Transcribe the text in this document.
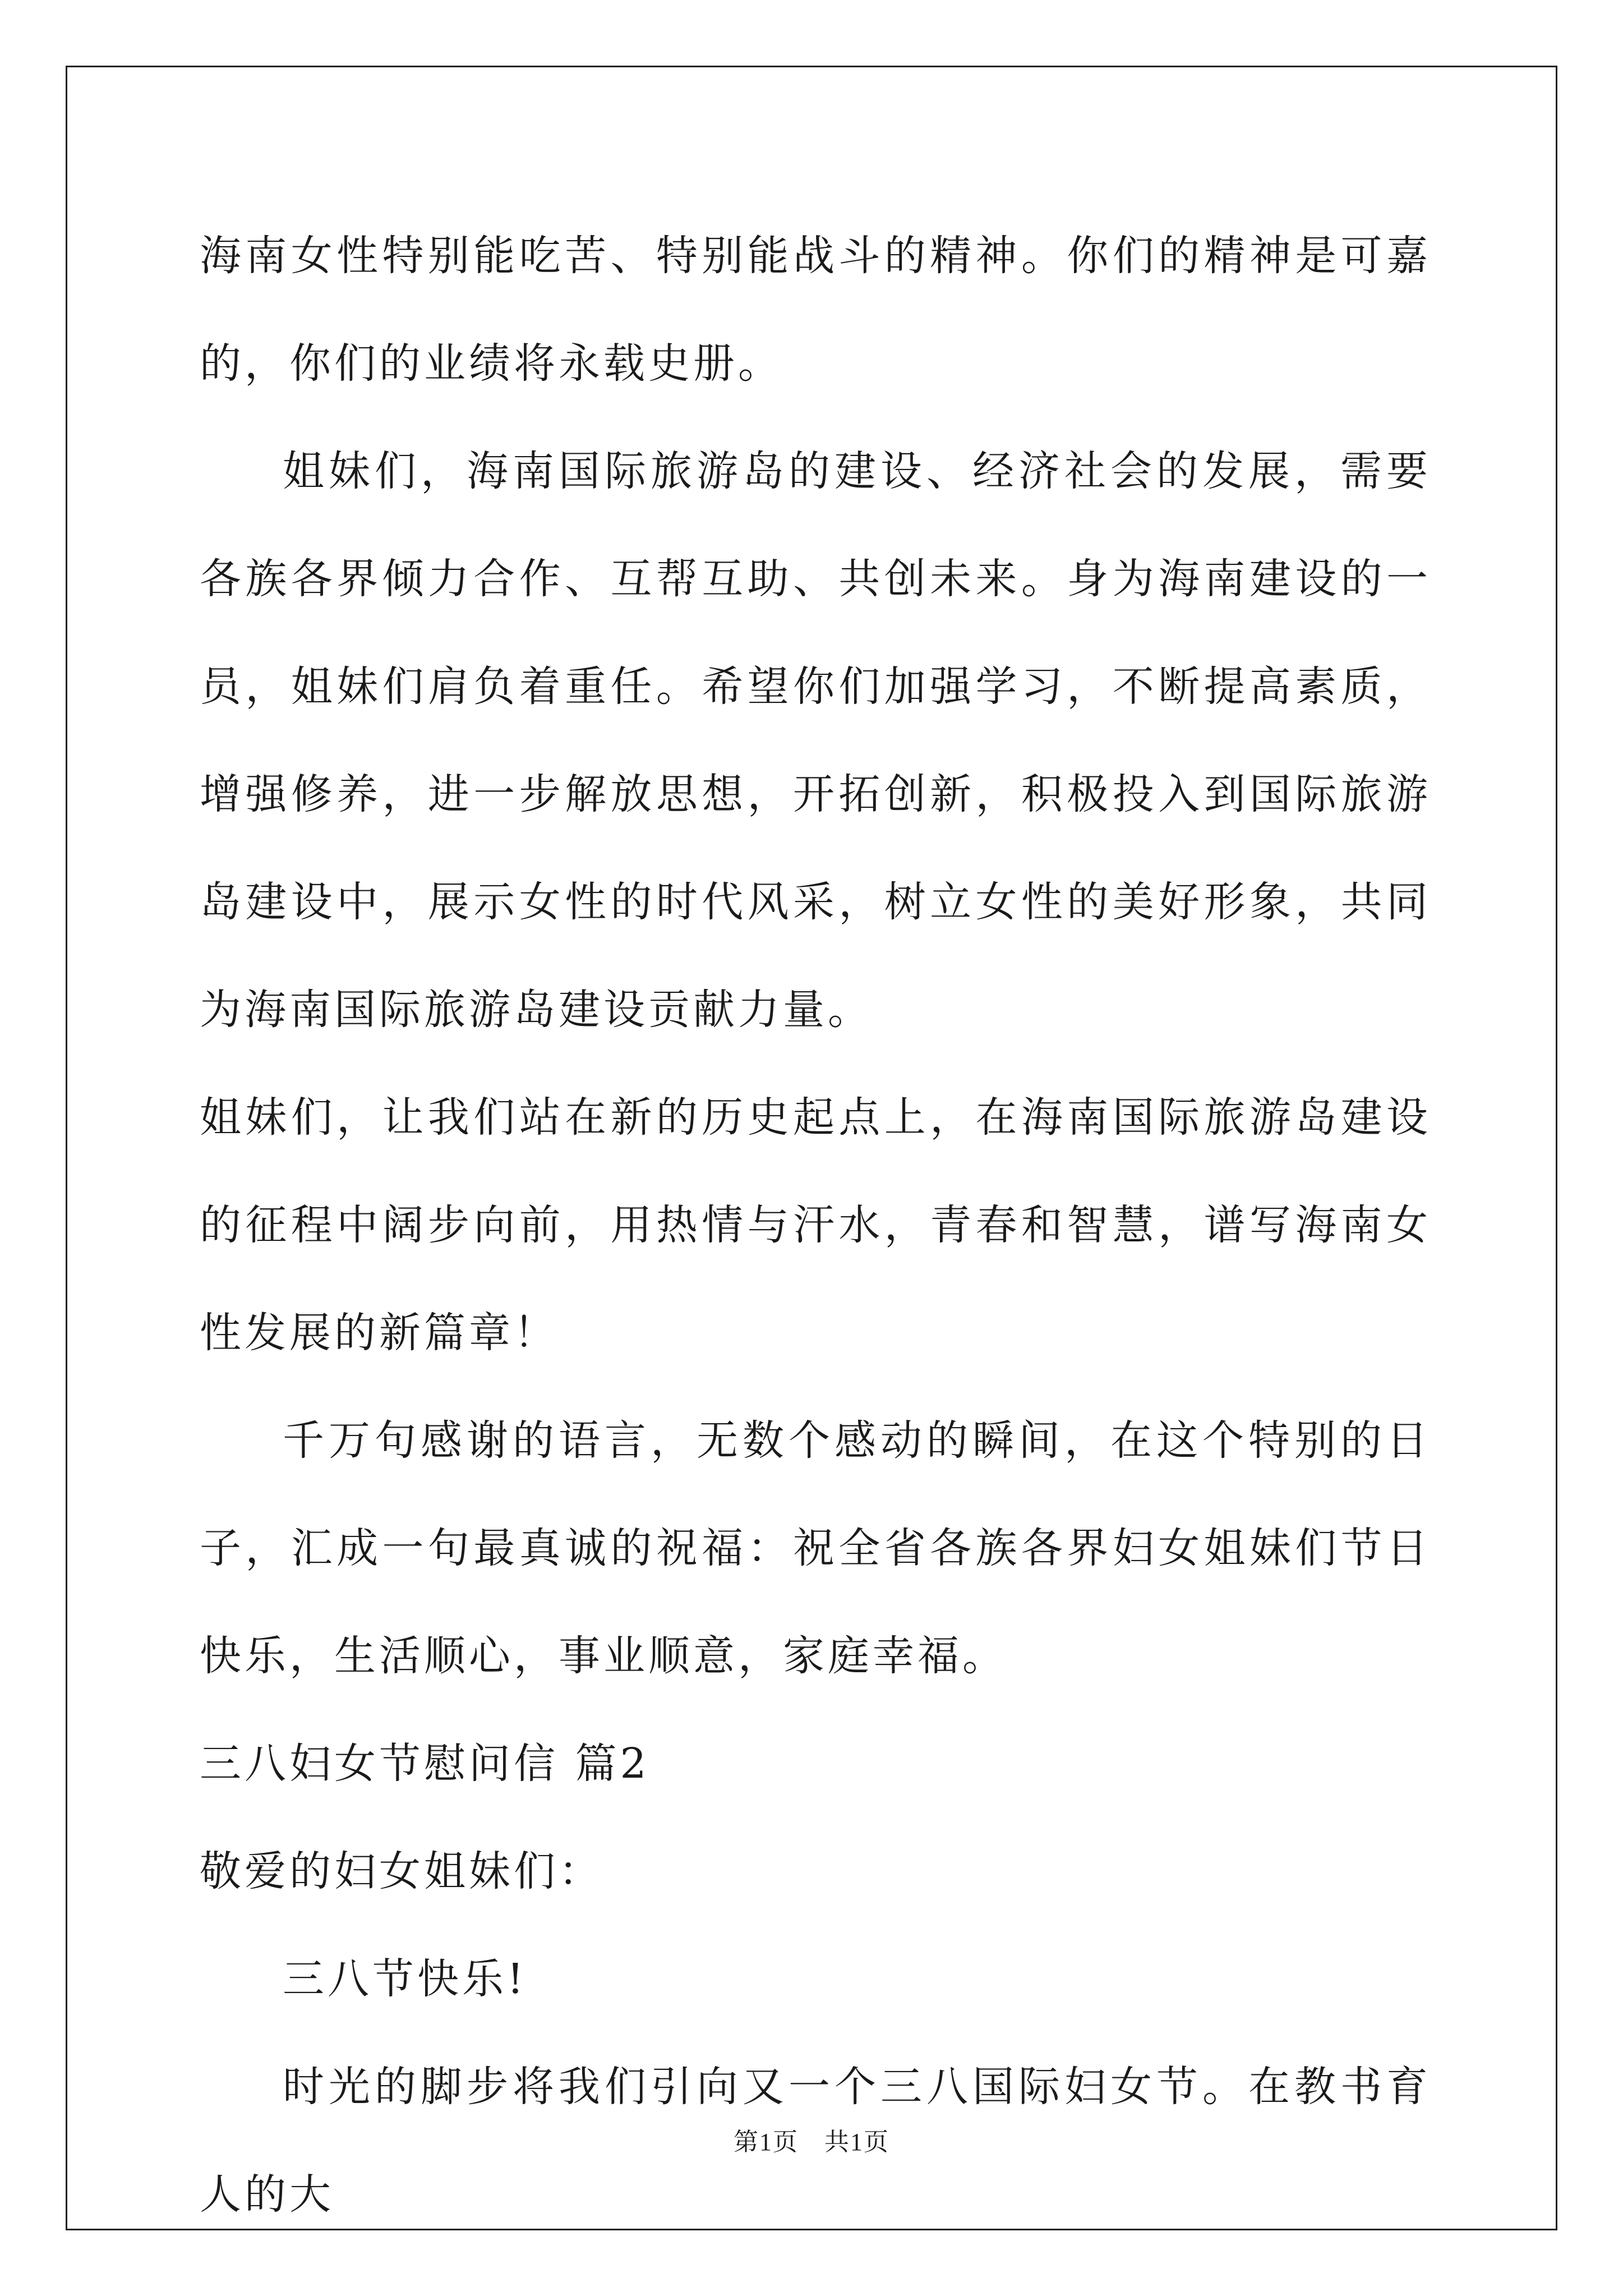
海南女性特别能吃苦、特别能战斗的精神。你们的精神是可嘉的，你们的业绩将永载史册。

姐妹们，海南国际旅游岛的建设、经济社会的发展，需要各族各界倾力合作、互帮互助、共创未来。身为海南建设的一员，姐妹们肩负着重任。希望你们加强学习，不断提高素质，增强修养，进一步解放思想，开拓创新，积极投入到国际旅游岛建设中，展示女性的时代风采，树立女性的美好形象，共同为海南国际旅游岛建设贡献力量。

姐妹们，让我们站在新的历史起点上，在海南国际旅游岛建设的征程中阔步向前，用热情与汗水，青春和智慧，谱写海南女性发展的新篇章！

千万句感谢的语言，无数个感动的瞬间，在这个特别的日子，汇成一句最真诚的祝福：祝全省各族各界妇女姐妹们节日快乐，生活顺心，事业顺意，家庭幸福。

三八妇女节慰问信 篇2

敬爱的妇女姐妹们：

三八节快乐!

时光的脚步将我们引向又一个三八国际妇女节。在教书育人的大

第1页　共1页
